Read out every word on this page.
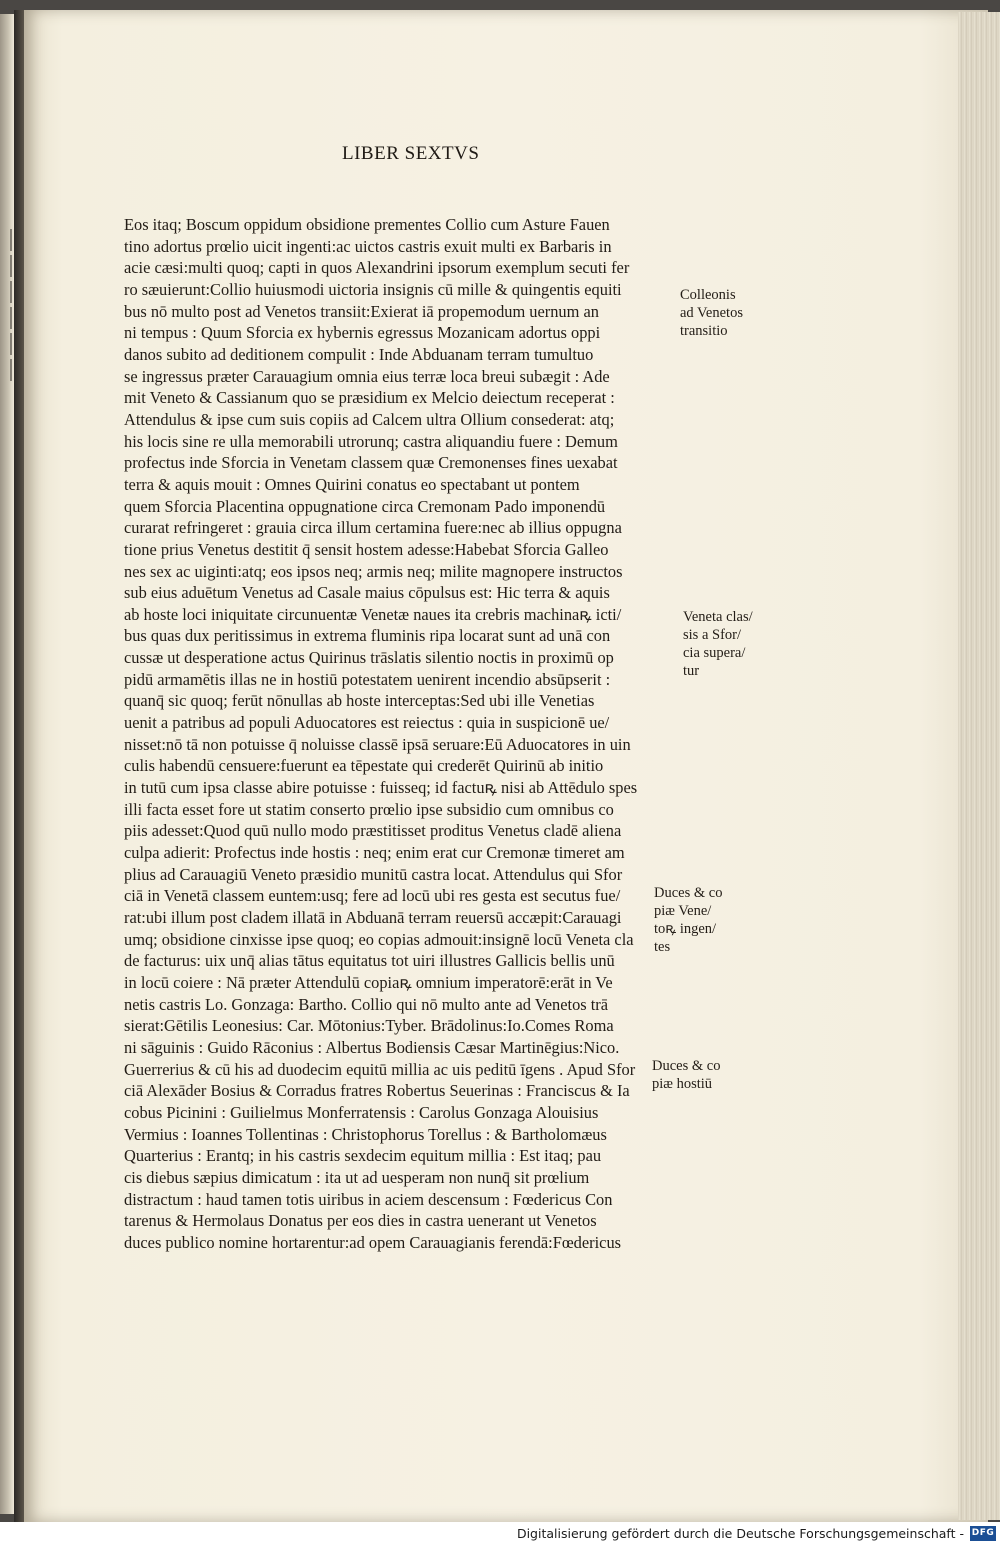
LIBER SEXTVS
Eos itaq; Boscum oppidum obsidione prementes Collio cum Asture Fauen
tino adortus prœlio uicit ingenti:ac uictos castris exuit multi ex Barbaris in
acie cæsi:multi quoq; capti in quos Alexandrini ipsorum exemplum secuti fer
ro sæuierunt:Collio huiusmodi uictoria insignis cū mille & quingentis equiti
bus nō multo post ad Venetos transiit:Exierat iā propemodum uernum an
ni tempus : Quum Sforcia ex hybernis egressus Mozanicam adortus oppi
danos subito ad deditionem compulit : Inde Abduanam terram tumultuo
se ingressus præter Carauagium omnia eius terræ loca breui subægit : Ade
mit Veneto & Cassianum quo se præsidium ex Melcio deiectum receperat :
Attendulus & ipse cum suis copiis ad Calcem ultra Ollium consederat: atq;
his locis sine re ulla memorabili utrorunq; castra aliquandiu fuere : Demum
profectus inde Sforcia in Venetam classem quæ Cremonenses fines uexabat
terra & aquis mouit : Omnes Quirini conatus eo spectabant ut pontem
quem Sforcia Placentina oppugnatione circa Cremonam Pado imponendū
curarat refringeret : grauia circa illum certamina fuere:nec ab illius oppugna
tione prius Venetus destitit q̄ sensit hostem adesse:Habebat Sforcia Galleo
nes sex ac uiginti:atq; eos ipsos neq; armis neq; milite magnopere instructos
sub eius aduētum Venetus ad Casale maius cōpulsus est: Hic terra & aquis
ab hoste loci iniquitate circunuentæ Venetæ naues ita crebris machinaꝶ icti/
bus quas dux peritissimus in extrema fluminis ripa locarat sunt ad unā con
cussæ ut desperatione actus Quirinus trāslatis silentio noctis in proximū op
pidū armamētis illas ne in hostiū potestatem uenirent incendio absūpserit :
quanq̄ sic quoq; ferūt nōnullas ab hoste interceptas:Sed ubi ille Venetias
uenit a patribus ad populi Aduocatores est reiectus : quia in suspicionē ue/
nisset:nō tā non potuisse q̄ noluisse classē ipsā seruare:Eū Aduocatores in uin
culis habendū censuere:fuerunt ea tēpestate qui crederēt Quirinū ab initio
in tutū cum ipsa classe abire potuisse : fuisseq; id factuꝶ nisi ab Attēdulo spes
illi facta esset fore ut statim conserto prœlio ipse subsidio cum omnibus co
piis adesset:Quod quū nullo modo præstitisset proditus Venetus cladē aliena
culpa adierit: Profectus inde hostis : neq; enim erat cur Cremonæ timeret am
plius ad Carauagiū Veneto præsidio munitū castra locat. Attendulus qui Sfor
ciā in Venetā classem euntem:usq; fere ad locū ubi res gesta est secutus fue/
rat:ubi illum post cladem illatā in Abduanā terram reuersū accæpit:Carauagi
umq; obsidione cinxisse ipse quoq; eo copias admouit:insignē locū Veneta cla
de facturus: uix unq̄ alias tātus equitatus tot uiri illustres Gallicis bellis unū
in locū coiere : Nā præter Attendulū copiaꝶ omnium imperatorē:erāt in Ve
netis castris Lo. Gonzaga: Bartho. Collio qui nō multo ante ad Venetos trā
sierat:Gētilis Leonesius: Car. Mōtonius:Tyber. Brādolinus:Io.Comes Roma
ni sāguinis : Guido Rāconius : Albertus Bodiensis Cæsar Martinēgius:Nico.
Guerrerius & cū his ad duodecim equitū millia ac uis peditū īgens . Apud Sfor
ciā Alexāder Bosius & Corradus fratres Robertus Seuerinas : Franciscus & Ia
cobus Picinini : Guilielmus Monferratensis : Carolus Gonzaga Alouisius
Vermius : Ioannes Tollentinas : Christophorus Torellus : & Bartholomæus
Quarterius : Erantq; in his castris sexdecim equitum millia : Est itaq; pau
cis diebus sæpius dimicatum : ita ut ad uesperam non nunq̄ sit prœlium
distractum : haud tamen totis uiribus in aciem descensum : Fœdericus Con
tarenus & Hermolaus Donatus per eos dies in castra uenerant ut Venetos
duces publico nomine hortarentur:ad opem Carauagianis ferendā:Fœdericus
Colleonis
ad Venetos
transitio
Veneta clas/
sis a Sfor/
cia supera/
tur
Duces & co
piæ Vene/
toꝶ ingen/
tes
Duces & co
piæ hostiū
Digitalisierung gefördert durch die Deutsche Forschungsgemeinschaft - DFG
